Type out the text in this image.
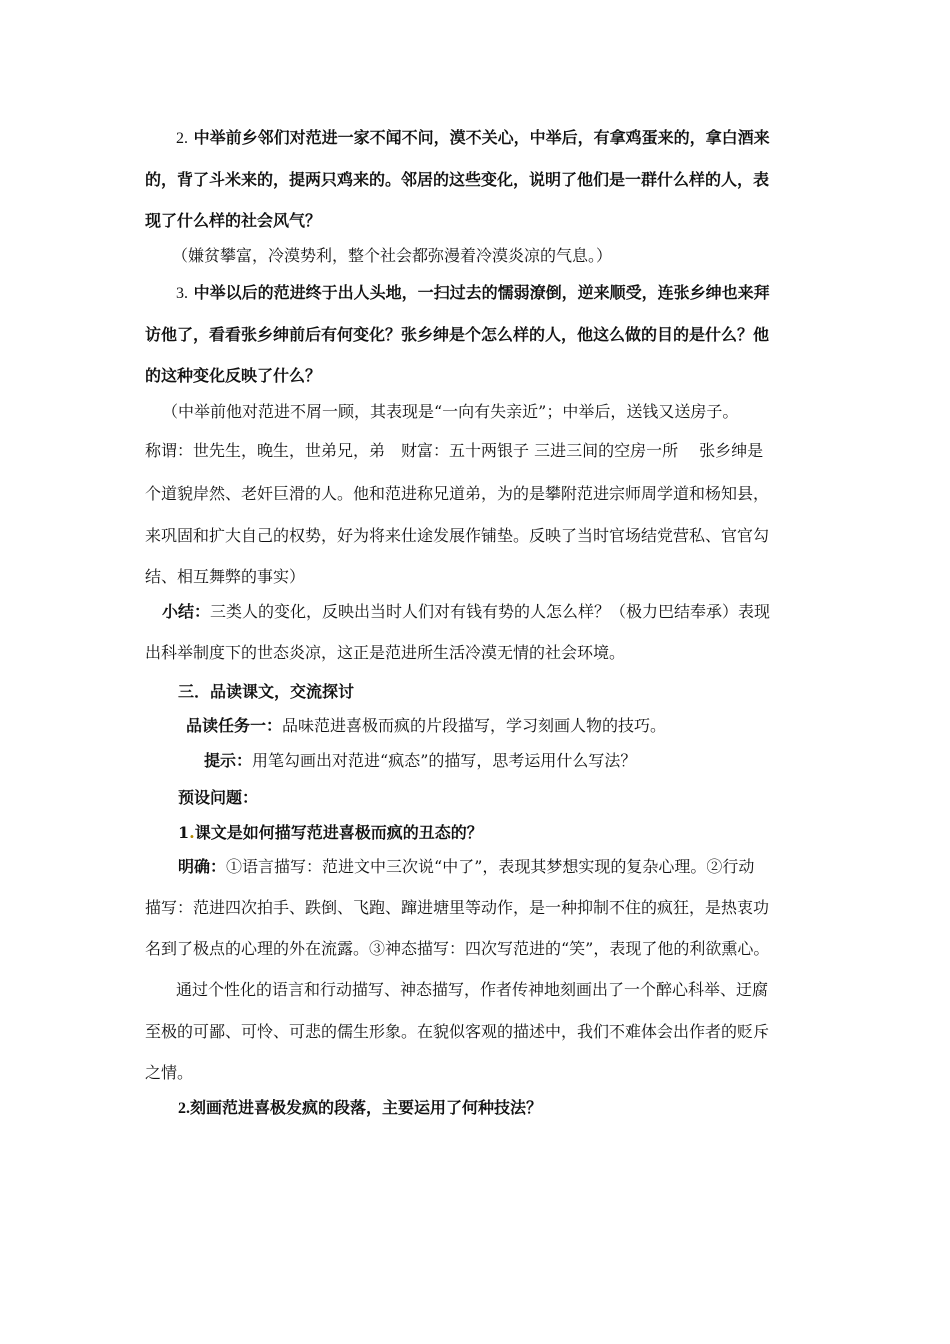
2. 中举前乡邻们对范进一家不闻不问，漠不关心，中举后，有拿鸡蛋来的，拿白酒来
的，背了斗米来的，提两只鸡来的。邻居的这些变化，说明了他们是一群什么样的人，表
现了什么样的社会风气？
（嫌贫攀富，冷漠势利，整个社会都弥漫着冷漠炎凉的气息。）
3. 中举以后的范进终于出人头地，一扫过去的懦弱潦倒，逆来顺受，连张乡绅也来拜
访他了，看看张乡绅前后有何变化？张乡绅是个怎么样的人，他这么做的目的是什么？他
的这种变化反映了什么？
（中举前他对范进不屑一顾，其表现是“一向有失亲近”；中举后，送钱又送房子。
称谓：世先生，晚生，世弟兄，弟　财富：五十两银子 三进三间的空房一所　 张乡绅是
个道貌岸然、老奸巨滑的人。他和范进称兄道弟，为的是攀附范进宗师周学道和杨知县，
来巩固和扩大自己的权势，好为将来仕途发展作铺垫。反映了当时官场结党营私、官官勾
结、相互舞弊的事实）
小结：三类人的变化，反映出当时人们对有钱有势的人怎么样？（极力巴结奉承）表现
出科举制度下的世态炎凉，这正是范进所生活冷漠无情的社会环境。
三．品读课文，交流探讨
品读任务一：品味范进喜极而疯的片段描写，学习刻画人物的技巧。
提示：用笔勾画出对范进“疯态”的描写，思考运用什么写法？
预设问题：
1.课文是如何描写范进喜极而疯的丑态的？
明确：①语言描写：范进文中三次说“中了”，表现其梦想实现的复杂心理。②行动
描写：范进四次拍手、跌倒、飞跑、蹿进塘里等动作，是一种抑制不住的疯狂，是热衷功
名到了极点的心理的外在流露。③神态描写：四次写范进的“笑”，表现了他的利欲熏心。
通过个性化的语言和行动描写、神态描写，作者传神地刻画出了一个醉心科举、迂腐
至极的可鄙、可怜、可悲的儒生形象。在貌似客观的描述中，我们不难体会出作者的贬斥
之情。
2.刻画范进喜极发疯的段落，主要运用了何种技法？
